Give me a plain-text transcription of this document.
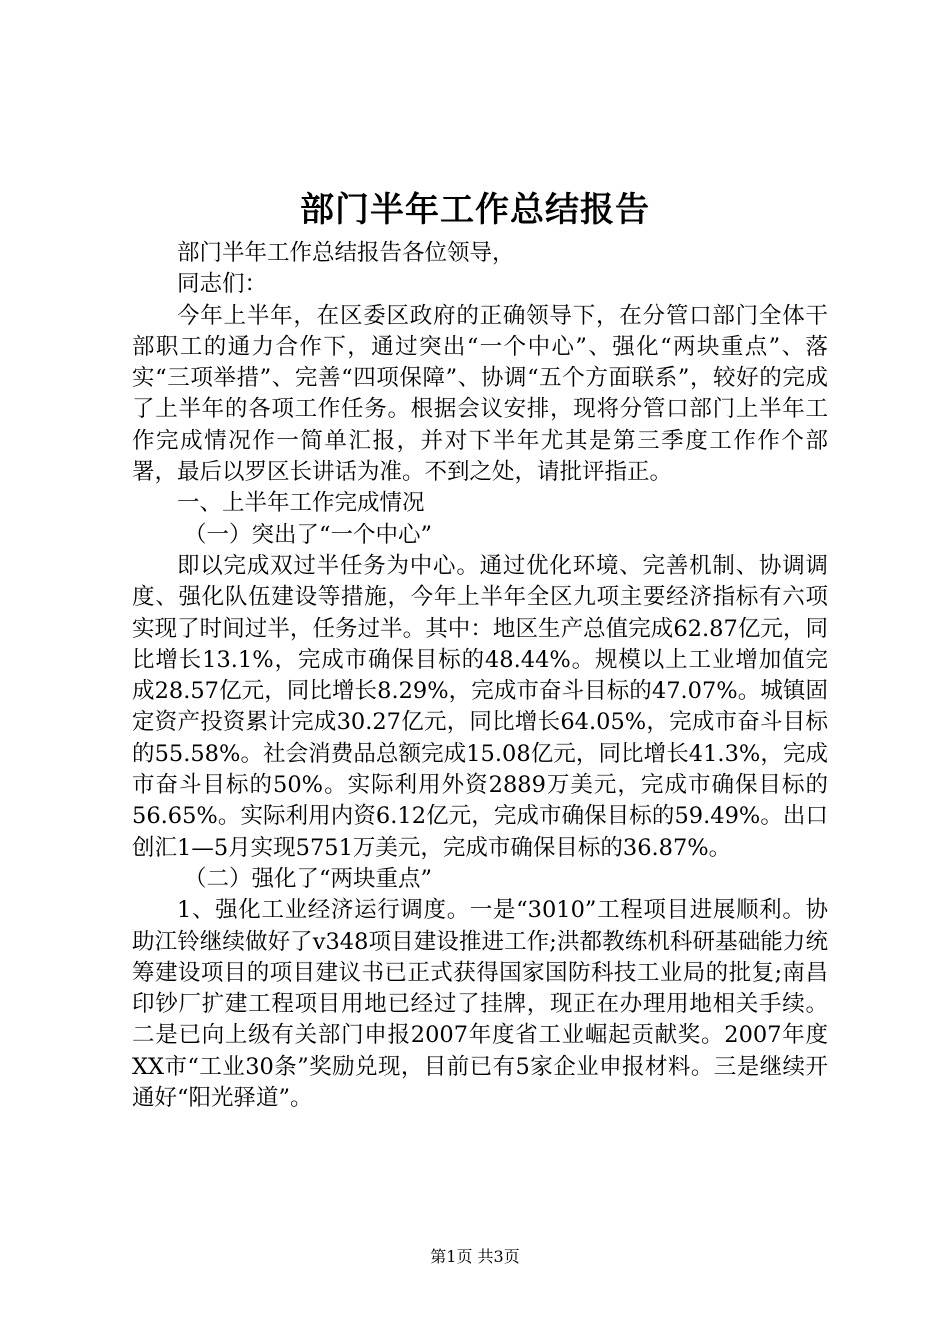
部门半年工作总结报告

部门半年工作总结报告各位领导，

同志们：

今年上半年，在区委区政府的正确领导下，在分管口部门全体干部职工的通力合作下，通过突出“一个中心”、强化“两块重点”、落实“三项举措”、完善“四项保障”、协调“五个方面联系”，较好的完成了上半年的各项工作任务。根据会议安排，现将分管口部门上半年工作完成情况作一简单汇报，并对下半年尤其是第三季度工作作个部署，最后以罗区长讲话为准。不到之处，请批评指正。

一、上半年工作完成情况

（一）突出了“一个中心”

即以完成双过半任务为中心。通过优化环境、完善机制、协调调度、强化队伍建设等措施，今年上半年全区九项主要经济指标有六项实现了时间过半，任务过半。其中：地区生产总值完成62.87亿元，同比增长13.1%，完成市确保目标的48.44%。规模以上工业增加值完成28.57亿元，同比增长8.29%，完成市奋斗目标的47.07%。城镇固定资产投资累计完成30.27亿元，同比增长64.05%，完成市奋斗目标的55.58%。社会消费品总额完成15.08亿元，同比增长41.3%，完成市奋斗目标的50%。实际利用外资2889万美元，完成市确保目标的56.65%。实际利用内资6.12亿元，完成市确保目标的59.49%。出口创汇1—5月实现5751万美元，完成市确保目标的36.87%。

（二）强化了“两块重点”

1、强化工业经济运行调度。一是“3010”工程项目进展顺利。协助江铃继续做好了v348项目建设推进工作;洪都教练机科研基础能力统筹建设项目的项目建议书已正式获得国家国防科技工业局的批复;南昌印钞厂扩建工程项目用地已经过了挂牌，现正在办理用地相关手续。二是已向上级有关部门申报2007年度省工业崛起贡献奖。2007年度XX市“工业30条”奖励兑现，目前已有5家企业申报材料。三是继续开通好“阳光驿道”。

第1页 共3页
